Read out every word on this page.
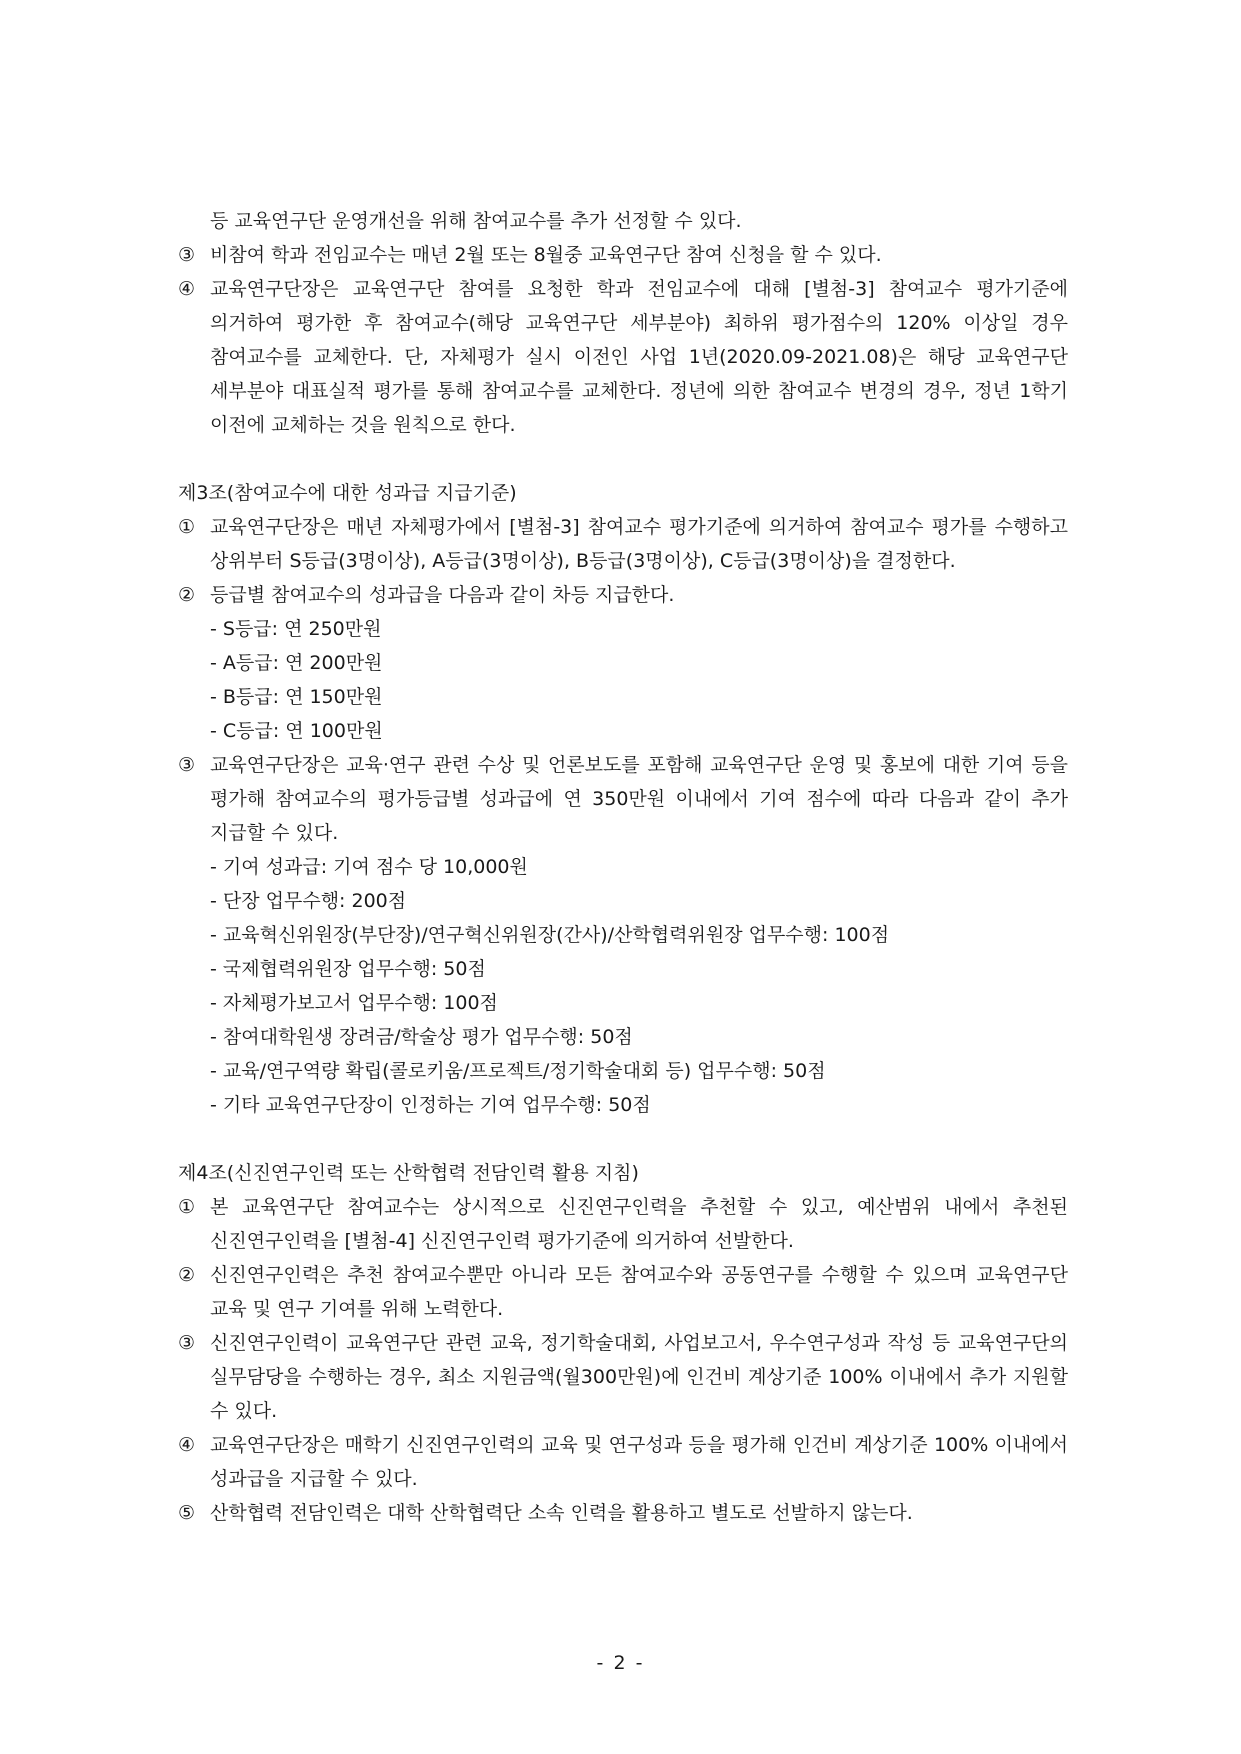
등 교육연구단 운영개선을 위해 참여교수를 추가 선정할 수 있다.

③ 비참여 학과 전임교수는 매년 2월 또는 8월중 교육연구단 참여 신청을 할 수 있다.
④ 교육연구단장은 교육연구단 참여를 요청한 학과 전임교수에 대해 [별첨-3] 참여교수 평가기준에 의거하여 평가한 후 참여교수(해당 교육연구단 세부분야) 최하위 평가점수의 120% 이상일 경우 참여교수를 교체한다. 단, 자체평가 실시 이전인 사업 1년(2020.09-2021.08)은 해당 교육연구단 세부분야 대표실적 평가를 통해 참여교수를 교체한다. 정년에 의한 참여교수 변경의 경우, 정년 1학기 이전에 교체하는 것을 원칙으로 한다.
제3조(참여교수에 대한 성과급 지급기준)
① 교육연구단장은 매년 자체평가에서 [별첨-3] 참여교수 평가기준에 의거하여 참여교수 평가를 수행하고 상위부터 S등급(3명이상), A등급(3명이상), B등급(3명이상), C등급(3명이상)을 결정한다.
② 등급별 참여교수의 성과급을 다음과 같이 차등 지급한다.
- S등급: 연 250만원
- A등급: 연 200만원
- B등급: 연 150만원
- C등급: 연 100만원
③ 교육연구단장은 교육·연구 관련 수상 및 언론보도를 포함해 교육연구단 운영 및 홍보에 대한 기여 등을 평가해 참여교수의 평가등급별 성과급에 연 350만원 이내에서 기여 점수에 따라 다음과 같이 추가 지급할 수 있다.
- 기여 성과급: 기여 점수 당 10,000원
- 단장 업무수행: 200점
- 교육혁신위원장(부단장)/연구혁신위원장(간사)/산학협력위원장 업무수행: 100점
- 국제협력위원장 업무수행: 50점
- 자체평가보고서 업무수행: 100점
- 참여대학원생 장려금/학술상 평가 업무수행: 50점
- 교육/연구역량 확립(콜로키움/프로젝트/정기학술대회 등) 업무수행: 50점
- 기타 교육연구단장이 인정하는 기여 업무수행: 50점
제4조(신진연구인력 또는 산학협력 전담인력 활용 지침)
① 본 교육연구단 참여교수는 상시적으로 신진연구인력을 추천할 수 있고, 예산범위 내에서 추천된 신진연구인력을 [별첨-4] 신진연구인력 평가기준에 의거하여 선발한다.
② 신진연구인력은 추천 참여교수뿐만 아니라 모든 참여교수와 공동연구를 수행할 수 있으며 교육연구단 교육 및 연구 기여를 위해 노력한다.
③ 신진연구인력이 교육연구단 관련 교육, 정기학술대회, 사업보고서, 우수연구성과 작성 등 교육연구단의 실무담당을 수행하는 경우, 최소 지원금액(월300만원)에 인건비 계상기준 100% 이내에서 추가 지원할 수 있다.
④ 교육연구단장은 매학기 신진연구인력의 교육 및 연구성과 등을 평가해 인건비 계상기준 100% 이내에서 성과급을 지급할 수 있다.
⑤ 산학협력 전담인력은 대학 산학협력단 소속 인력을 활용하고 별도로 선발하지 않는다.
- 2 -
